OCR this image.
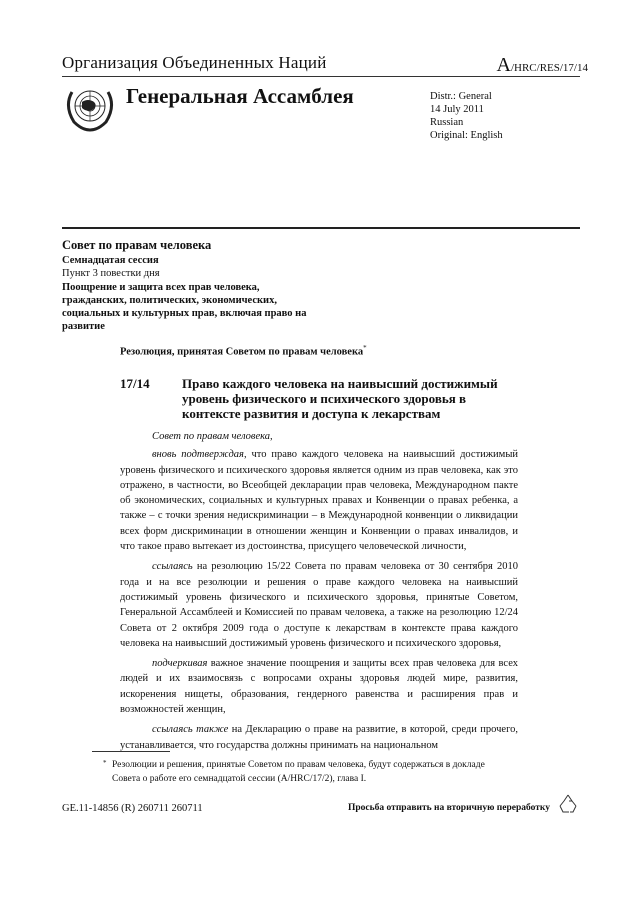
Организация Объединенных Наций	A/HRC/RES/17/14
Генеральная Ассамблея	Distr.: General
14 July 2011
Russian
Original: English
Совет по правам человека
Семнадцатая сессия
Пункт 3 повестки дня
Поощрение и защита всех прав человека, гражданских, политических, экономических, социальных и культурных прав, включая право на развитие
Резолюция, принятая Советом по правам человека*
17/14 Право каждого человека на наивысший достижимый уровень физического и психического здоровья в контексте развития и доступа к лекарствам

Совет по правам человека,

вновь подтверждая, что право каждого человека на наивысший достижимый уровень физического и психического здоровья является одним из прав человека, как это отражено, в частности, во Всеобщей декларации прав человека, Международном пакте об экономических, социальных и культурных правах и Конвенции о правах ребенка, а также – с точки зрения недискриминации – в Международной конвенции о ликвидации всех форм дискриминации в отношении женщин и Конвенции о правах инвалидов, и что такое право вытекает из достоинства, присущего человеческой личности,

ссылаясь на резолюцию 15/22 Совета по правам человека от 30 сентября 2010 года и на все резолюции и решения о праве каждого человека на наивысший достижимый уровень физического и психического здоровья, принятые Советом, Генеральной Ассамблеей и Комиссией по правам человека, а также на резолюцию 12/24 Совета от 2 октября 2009 года о доступе к лекарствам в контексте права каждого человека на наивысший достижимый уровень физического и психического здоровья,

подчеркивая важное значение поощрения и защиты всех прав человека для всех людей и их взаимосвязь с вопросами охраны здоровья людей мире, развития, искоренения нищеты, образования, гендерного равенства и расширения прав и возможностей женщин,

ссылаясь также на Декларацию о праве на развитие, в которой, среди прочего, устанавливается, что государства должны принимать на национальном

* Резолюции и решения, принятые Советом по правам человека, будут содержаться в докладе Совета о работе его семнадцатой сессии (A/HRC/17/2), глава I.
GE.11-14856 (R) 260711 260711	Просьба отправить на вторичную переработку
